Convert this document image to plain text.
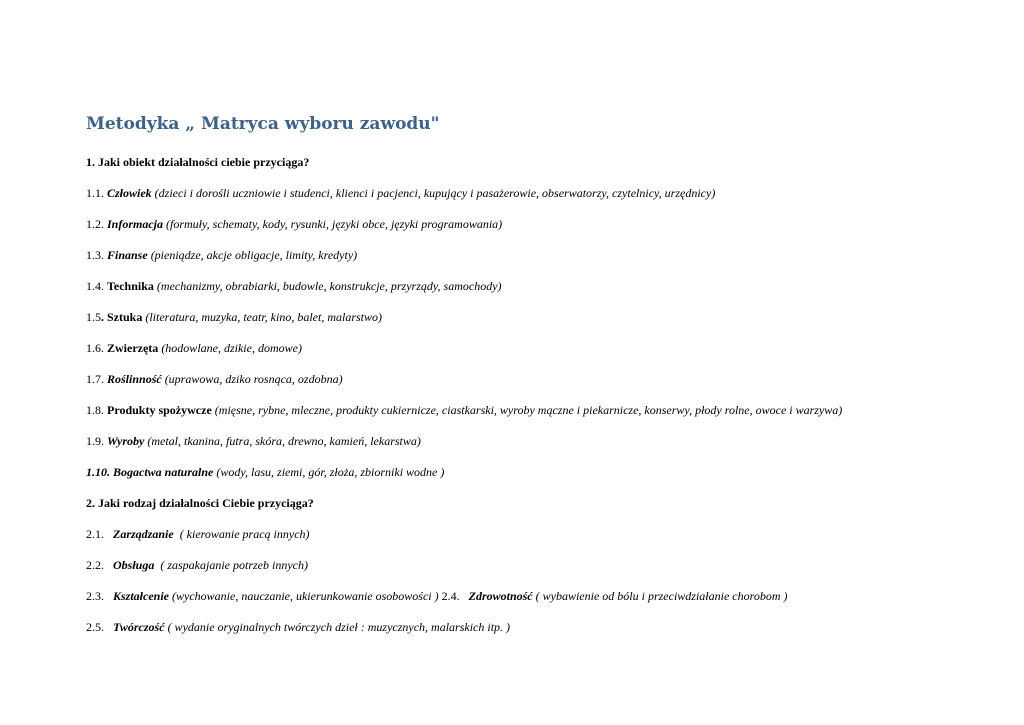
Metodyka „ Matryca wyboru zawodu"
1. Jaki obiekt działalności ciebie przyciąga?
1.1. Człowiek (dzieci i dorośli uczniowie i studenci, klienci i pacjenci, kupujący i pasażerowie, obserwatorzy, czytelnicy, urzędnicy)
1.2. Informacja (formuły, schematy, kody, rysunki, języki obce, języki programowania)
1.3. Finanse (pieniądze, akcje obligacje, limity, kredyty)
1.4. Technika (mechanizmy, obrabiarki, budowle, konstrukcje, przyrządy, samochody)
1.5. Sztuka (literatura, muzyka, teatr, kino, balet, malarstwo)
1.6. Zwierzęta (hodowlane, dzikie, domowe)
1.7. Roślinność (uprawowa, dziko rosnąca, ozdobna)
1.8. Produkty spożywcze (mięsne, rybne, mleczne, produkty cukiernicze, ciastkarski, wyroby mączne i piekarnicze, konserwy, płody rolne, owoce i warzywa)
1.9. Wyroby (metal, tkanina, futra, skóra, drewno, kamień, lekarstwa)
1.10. Bogactwa naturalne (wody, lasu, ziemi, gór, złoża, zbiorniki wodne )
2. Jaki rodzaj działalności Ciebie przyciąga?
2.1.   Zarządzanie  ( kierowanie pracą innych)
2.2.   Obsługa  ( zaspakajanie potrzeb innych)
2.3.   Kształcenie (wychowanie, nauczanie, ukierunkowanie osobowości ) 2.4.   Zdrowotność ( wybawienie od bólu i przeciwdziałanie chorobom )
2.5.   Twórczość ( wydanie oryginalnych twórczych dzieł : muzycznych, malarskich itp. )
